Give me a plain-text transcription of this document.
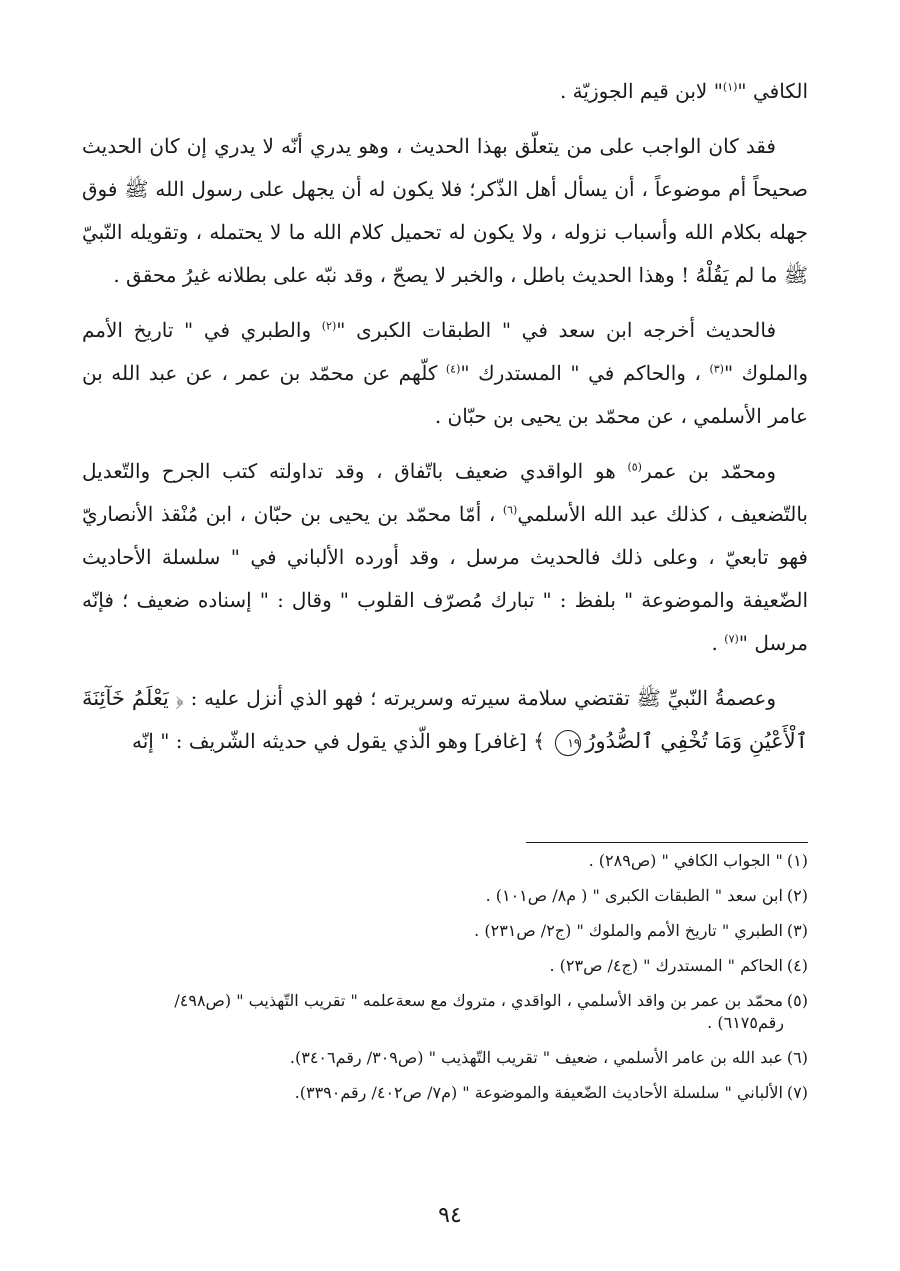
الكافي "$^{(١)}$" لابن قيم الجوزيّة .

فقد كان الواجب على من يتعلّق بهذا الحديث ، وهو يدري أنّه لا يدري إن كان الحديث صحيحاً أم موضوعاً ، أن يسأل أهل الذّكر؛ فلا يكون له أن يجهل على رسول الله ﷺ فوق جهله بكلام الله وأسباب نزوله ، ولا يكون له تحميل كلام الله ما لا يحتمله ، وتقويله النّبيّ ﷺ ما لم يَقُلْهُ ! وهذا الحديث باطل ، والخبر لا يصحّ ، وقد نبّه على بطلانه غيرُ محقق .

فالحديث أخرجه ابن سعد في " الطبقات الكبرى "$^{(٢)}$ والطبري في " تاريخ الأمم والملوك "$^{(٣)}$ ، والحاكم في " المستدرك "$^{(٤)}$ كلّهم عن محمّد بن عمر ، عن عبد الله بن عامر الأسلمي ، عن محمّد بن يحيى بن حبّان .

ومحمّد بن عمر$^{(٥)}$ هو الواقدي ضعيف باتّفاق ، وقد تداولته كتب الجرح والتّعديل بالتّضعيف ، كذلك عبد الله الأسلمي$^{(٦)}$ ، أمّا محمّد بن يحيى بن حبّان ، ابن مُنْقذ الأنصاريّ فهو تابعيّ ، وعلى ذلك فالحديث مرسل ، وقد أورده الألباني في " سلسلة الأحاديث الضّعيفة والموضوعة " بلفظ : " تبارك مُصرّف القلوب " وقال : " إسناده ضعيف ؛ فإنّه مرسل "$^{(٧)}$ .

وعصمةُ النّبيِّ ﷺ تقتضي سلامة سيرته وسريرته ؛ فهو الذي أنزل عليه : ﴿ يَعْلَمُ خَآئِنَةَ ٱلْأَعْيُنِ وَمَا تُخْفِي ٱلصُّدُورُ١٩ ﴾ [غافر] وهو الّذي يقول في حديثه الشّريف : " إنّه

(١)" الجواب الكافي " (ص٢٨٩) .

(٢)ابن سعد " الطبقات الكبرى " ( م٨/ ص١٠١) .

(٣)الطبري " تاريخ الأمم والملوك " (ج٢/ ص٢٣١) .

(٤)الحاكم " المستدرك " (ج٤/ ص٢٣) .

(٥)محمّد بن عمر بن واقد الأسلمي ، الواقدي ، متروك مع سعةعلمه " تقريب التّهذيب " (ص٤٩٨/
رقم٦١٧٥) .

(٦)عبد الله بن عامر الأسلمي ، ضعيف " تقريب التّهذيب " (ص٣٠٩/ رقم٣٤٠٦).

(٧)الألباني " سلسلة الأحاديث الضّعيفة والموضوعة " (م٧/ ص٤٠٢/ رقم٣٣٩٠).

٩٤
